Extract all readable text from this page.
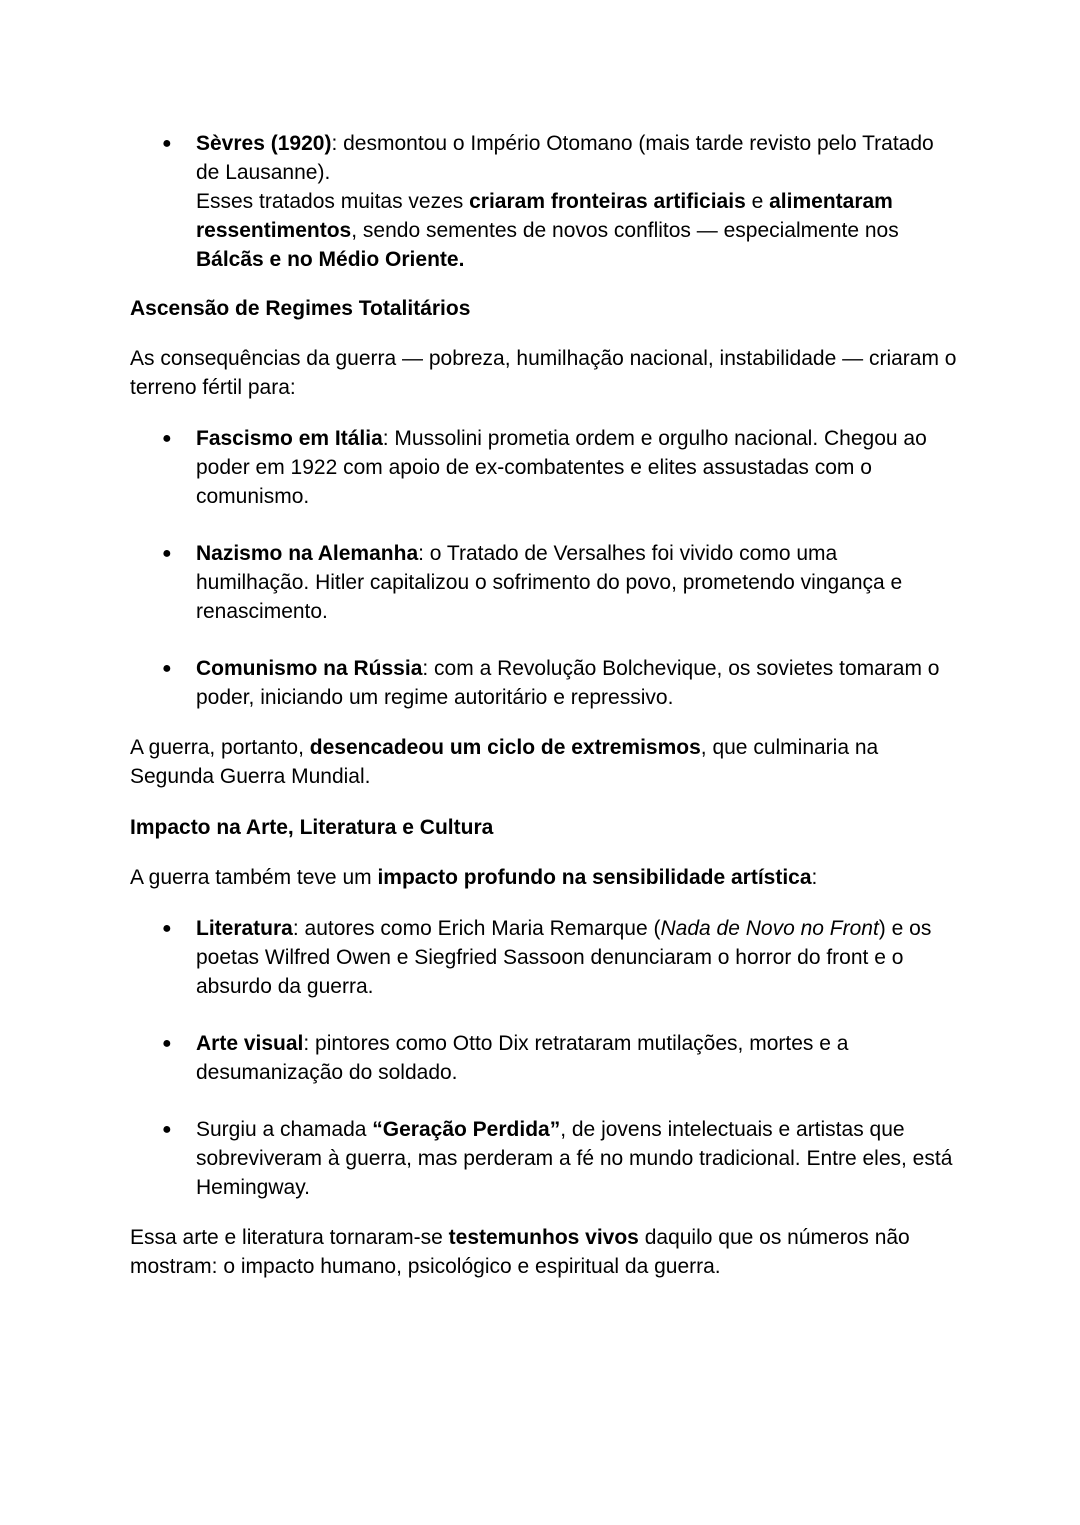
● Sèvres (1920): desmontou o Império Otomano (mais tarde revisto pelo Tratado de Lausanne).
Esses tratados muitas vezes criaram fronteiras artificiais e alimentaram ressentimentos, sendo sementes de novos conflitos — especialmente nos Bálcãs e no Médio Oriente.
Ascensão de Regimes Totalitários

As consequências da guerra — pobreza, humilhação nacional, instabilidade — criaram o terreno fértil para:

● Fascismo em Itália: Mussolini prometia ordem e orgulho nacional. Chegou ao poder em 1922 com apoio de ex-combatentes e elites assustadas com o comunismo.
● Nazismo na Alemanha: o Tratado de Versalhes foi vivido como uma humilhação. Hitler capitalizou o sofrimento do povo, prometendo vingança e renascimento.
● Comunismo na Rússia: com a Revolução Bolchevique, os sovietes tomaram o poder, iniciando um regime autoritário e repressivo.

A guerra, portanto, desencadeou um ciclo de extremismos, que culminaria na Segunda Guerra Mundial.

Impacto na Arte, Literatura e Cultura

A guerra também teve um impacto profundo na sensibilidade artística:

● Literatura: autores como Erich Maria Remarque (Nada de Novo no Front) e os poetas Wilfred Owen e Siegfried Sassoon denunciaram o horror do front e o absurdo da guerra.
● Arte visual: pintores como Otto Dix retrataram mutilações, mortes e a desumanização do soldado.
● Surgiu a chamada “Geração Perdida”, de jovens intelectuais e artistas que sobreviveram à guerra, mas perderam a fé no mundo tradicional. Entre eles, está Hemingway.

Essa arte e literatura tornaram-se testemunhos vivos daquilo que os números não mostram: o impacto humano, psicológico e espiritual da guerra.
